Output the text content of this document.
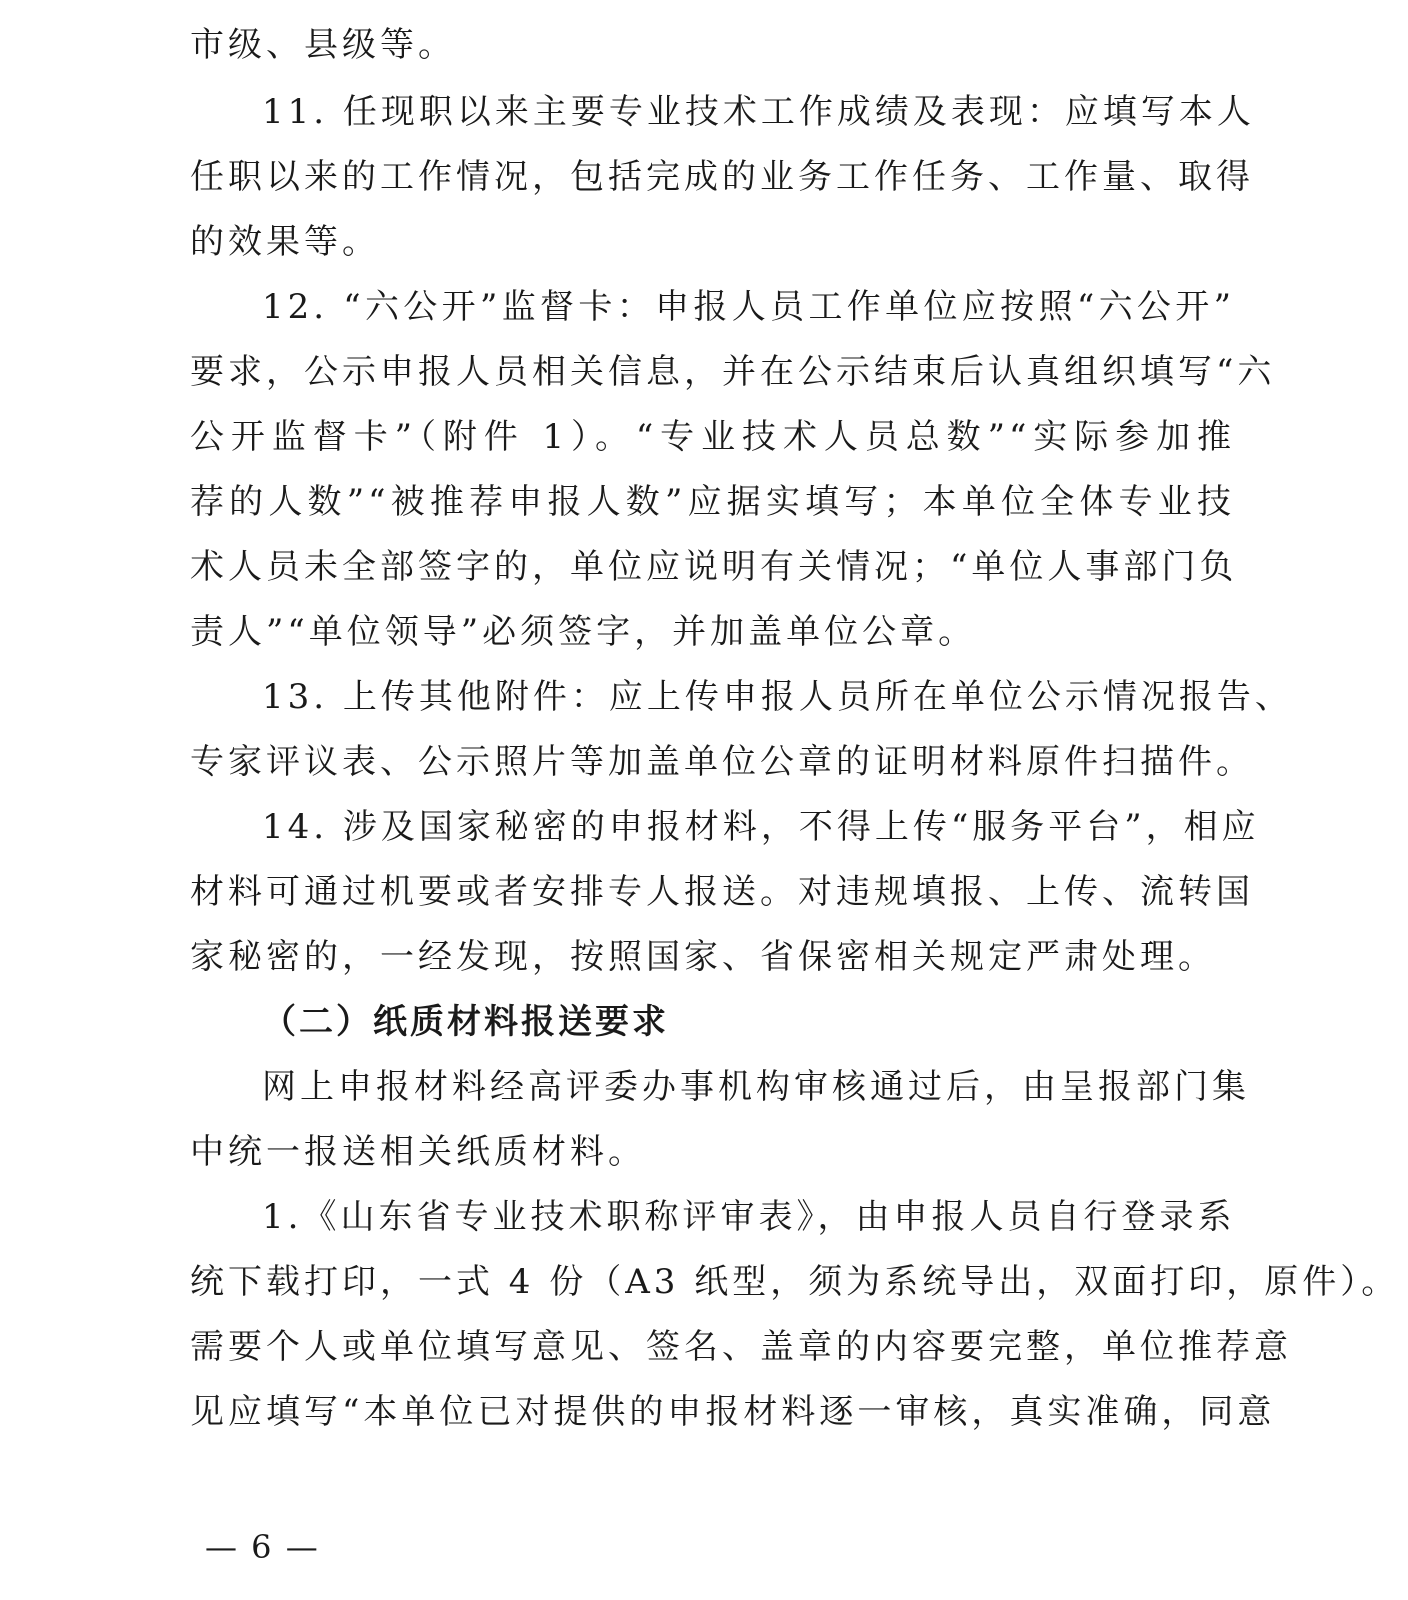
市级、县级等。
11. 任现职以来主要专业技术工作成绩及表现：应填写本人
任职以来的工作情况，包括完成的业务工作任务、工作量、取得
的效果等。
12. “六公开”监督卡：申报人员工作单位应按照“六公开”
要求，公示申报人员相关信息，并在公示结束后认真组织填写“六
公开监督卡”（附件 1）。“专业技术人员总数”“实际参加推
荐的人数”“被推荐申报人数”应据实填写；本单位全体专业技
术人员未全部签字的，单位应说明有关情况；“单位人事部门负
责人”“单位领导”必须签字，并加盖单位公章。
13. 上传其他附件：应上传申报人员所在单位公示情况报告、
专家评议表、公示照片等加盖单位公章的证明材料原件扫描件。
14. 涉及国家秘密的申报材料，不得上传“服务平台”，相应
材料可通过机要或者安排专人报送。对违规填报、上传、流转国
家秘密的，一经发现，按照国家、省保密相关规定严肃处理。
（二）纸质材料报送要求
网上申报材料经高评委办事机构审核通过后，由呈报部门集
中统一报送相关纸质材料。
1.《山东省专业技术职称评审表》，由申报人员自行登录系
统下载打印，一式 4 份（A3 纸型，须为系统导出，双面打印，原件）。
需要个人或单位填写意见、签名、盖章的内容要完整，单位推荐意
见应填写“本单位已对提供的申报材料逐一审核，真实准确，同意
— 6 —
